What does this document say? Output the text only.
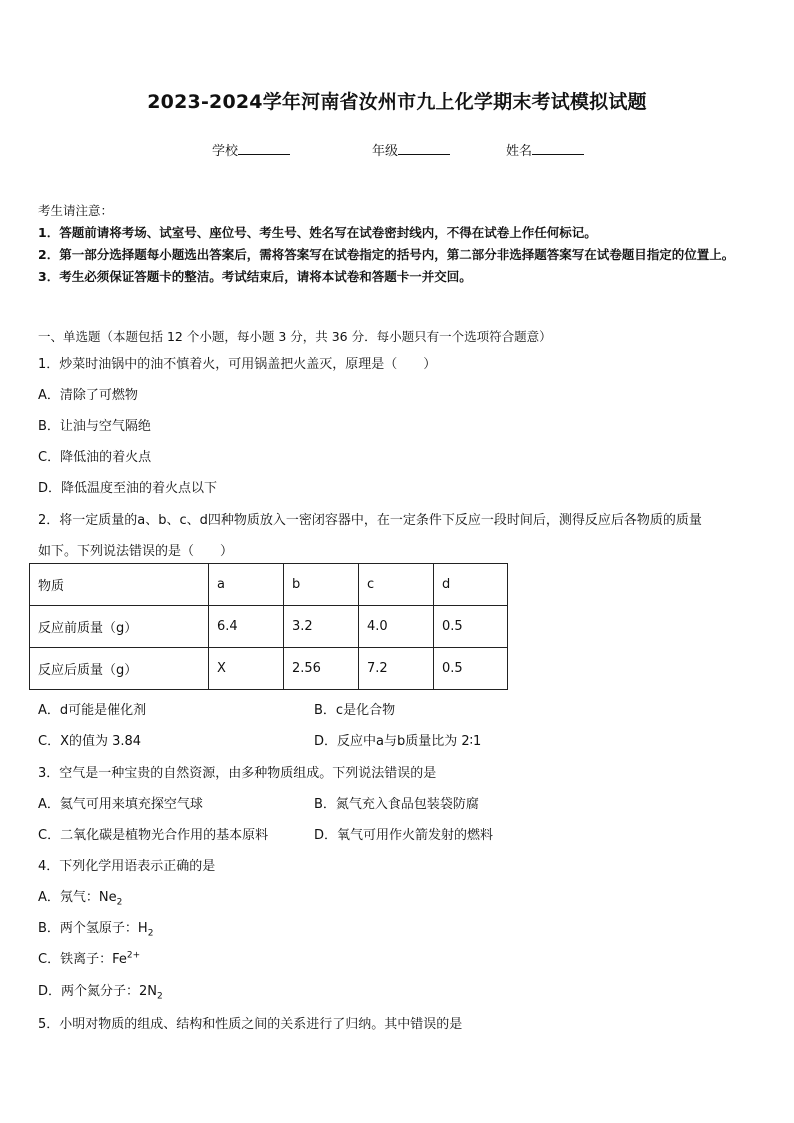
2023-2024学年河南省汝州市九上化学期末考试模拟试题
学校	年级	姓名
考生请注意：
1．答题前请将考场、试室号、座位号、考生号、姓名写在试卷密封线内，不得在试卷上作任何标记。
2．第一部分选择题每小题选出答案后，需将答案写在试卷指定的括号内，第二部分非选择题答案写在试卷题目指定的位置上。
3．考生必须保证答题卡的整洁。考试结束后，请将本试卷和答题卡一并交回。
一、单选题（本题包括 12 个小题，每小题 3 分，共 36 分．每小题只有一个选项符合题意）
1．炒菜时油锅中的油不慎着火，可用锅盖把火盖灭，原理是（　　）
A．清除了可燃物
B．让油与空气隔绝
C．降低油的着火点
D．降低温度至油的着火点以下
2．将一定质量的a、b、c、d四种物质放入一密闭容器中，在一定条件下反应一段时间后，测得反应后各物质的质量
如下。下列说法错误的是（　　）
物质	a	b	c	d
反应前质量（g）	6.4	3.2	4.0	0.5
反应后质量（g）	X	2.56	7.2	0.5
A．d可能是催化剂	B．c是化合物
C．X的值为 3.84	D．反应中a与b质量比为 2∶1
3．空气是一种宝贵的自然资源，由多种物质组成。下列说法错误的是
A．氦气可用来填充探空气球	B．氮气充入食品包装袋防腐
C．二氧化碳是植物光合作用的基本原料	D．氧气可用作火箭发射的燃料
4．下列化学用语表示正确的是
A．氖气：$Ne_2$
B．两个氢原子：$H_2$
C．铁离子：$Fe^{2+}$
D．两个氮分子：$2N_2$
5．小明对物质的组成、结构和性质之间的关系进行了归纳。其中错误的是
